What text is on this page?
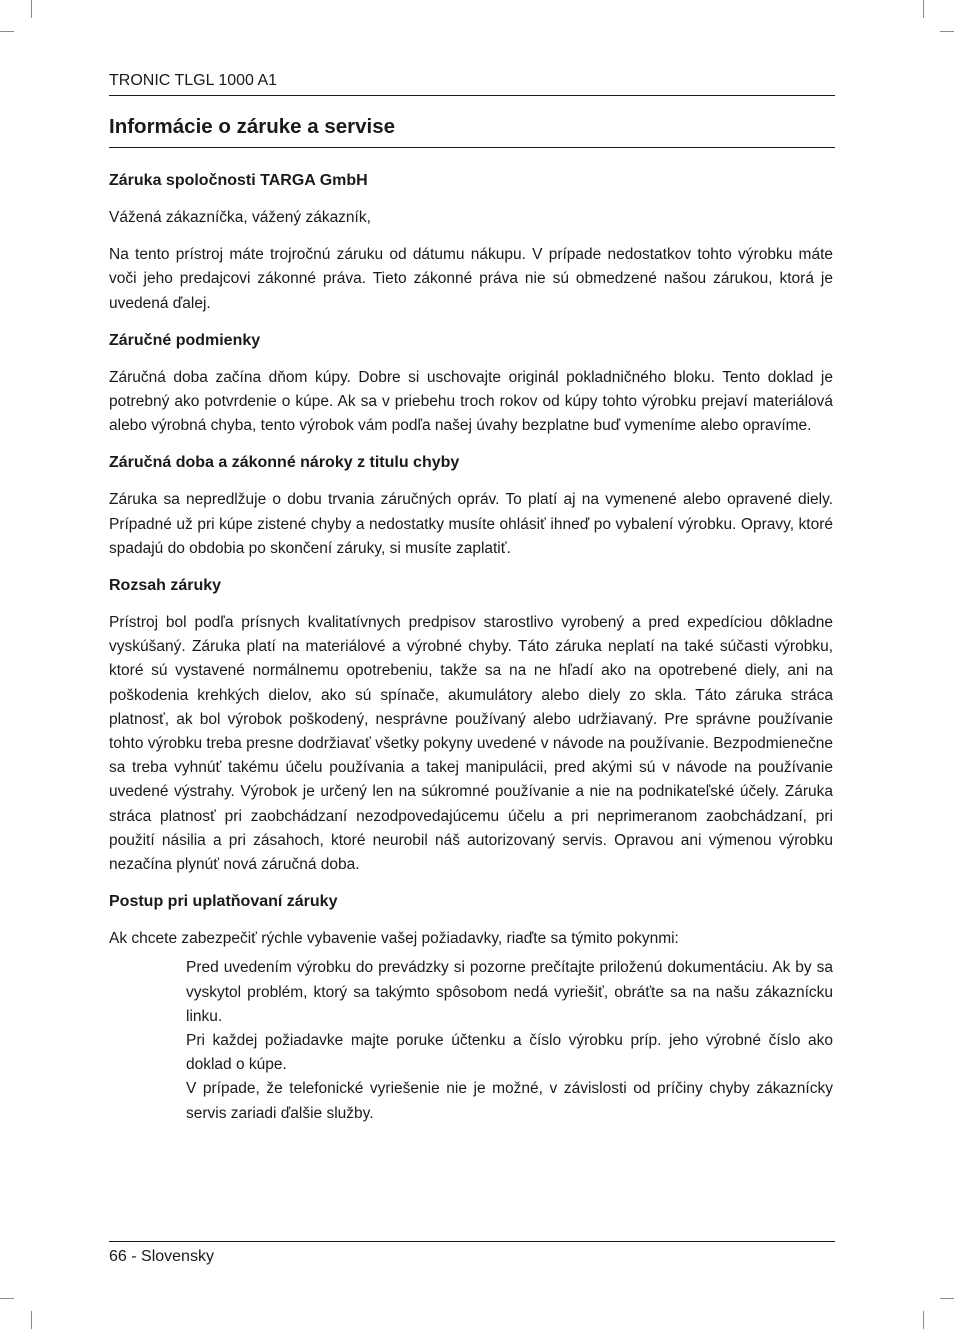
TRONIC TLGL 1000 A1
Informácie o záruke a servise
Záruka spoločnosti TARGA GmbH

Vážená zákazníčka, vážený zákazník,

Na tento prístroj máte trojročnú záruku od dátumu nákupu. V prípade nedostatkov tohto výrobku máte voči jeho predajcovi zákonné práva. Tieto zákonné práva nie sú obmedzené našou zárukou, ktorá je uvedená ďalej.

Záručné podmienky

Záručná doba začína dňom kúpy. Dobre si uschovajte originál pokladničného bloku. Tento doklad je potrebný ako potvrdenie o kúpe. Ak sa v priebehu troch rokov od kúpy tohto výrobku prejaví materiálová alebo výrobná chyba, tento výrobok vám podľa našej úvahy bezplatne buď vymeníme alebo opravíme.

Záručná doba a zákonné nároky z titulu chyby

Záruka sa nepredlžuje o dobu trvania záručných opráv. To platí aj na vymenené alebo opravené diely. Prípadné už pri kúpe zistené chyby a nedostatky musíte ohlásiť ihneď po vybalení výrobku. Opravy, ktoré spadajú do obdobia po skončení záruky, si musíte zaplatiť.

Rozsah záruky

Prístroj bol podľa prísnych kvalitatívnych predpisov starostlivo vyrobený a pred expedíciou dôkladne vyskúšaný. Záruka platí na materiálové a výrobné chyby. Táto záruka neplatí na také súčasti výrobku, ktoré sú vystavené normálnemu opotrebeniu, takže sa na ne hľadí ako na opotrebené diely, ani na poškodenia krehkých dielov, ako sú spínače, akumulátory alebo diely zo skla. Táto záruka stráca platnosť, ak bol výrobok poškodený, nesprávne používaný alebo udržiavaný. Pre správne používanie tohto výrobku treba presne dodržiavať všetky pokyny uvedené v návode na používanie. Bezpodmienečne sa treba vyhnúť takému účelu používania a takej manipulácii, pred akými sú v návode na používanie uvedené výstrahy. Výrobok je určený len na súkromné používanie a nie na podnikateľské účely. Záruka stráca platnosť pri zaobchádzaní nezodpovedajúcemu účelu a pri neprimeranom zaobchádzaní, pri použití násilia a pri zásahoch, ktoré neurobil náš autorizovaný servis. Opravou ani výmenou výrobku nezačína plynúť nová záručná doba.

Postup pri uplatňovaní záruky

Ak chcete zabezpečiť rýchle vybavenie vašej požiadavky, riaďte sa týmito pokynmi:

Pred uvedením výrobku do prevádzky si pozorne prečítajte priloženú dokumentáciu. Ak by sa vyskytol problém, ktorý sa takýmto spôsobom nedá vyriešiť, obráťte sa na našu zákaznícku linku.
Pri každej požiadavke majte poruke účtenku a číslo výrobku príp. jeho výrobné číslo ako doklad o kúpe.
V prípade, že telefonické vyriešenie nie je možné, v závislosti od príčiny chyby zákaznícky servis zariadi ďalšie služby.
66 - Slovensky
